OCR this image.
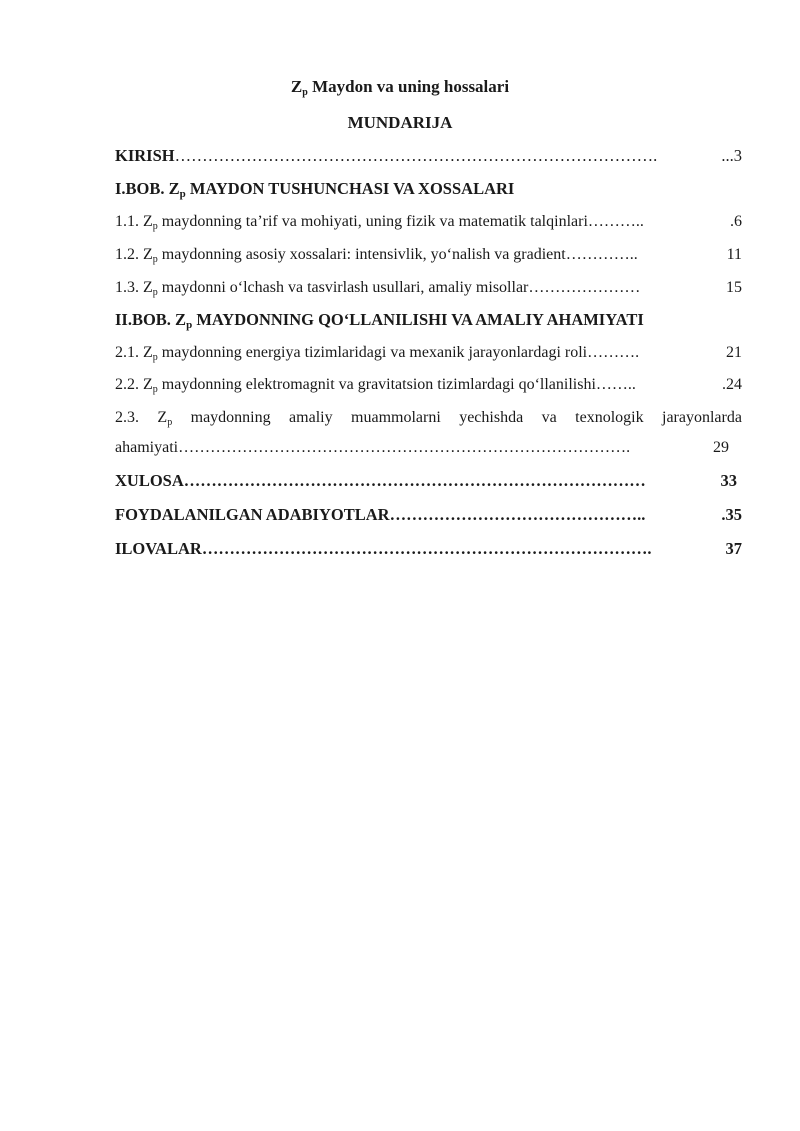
$Z_p$ Maydon va uning hossalari
MUNDARIJA
KIRISH …………………………………………………………………………….	...3
I.BOB. $Z_p$ MAYDON TUSHUNCHASI VA XOSSALARI
1.1. $Z_p$ maydonning ta’rif va mohiyati, uning fizik va matematik talqinlari ………..	.6
1.2. $Z_p$ maydonning asosiy xossalari: intensivlik, yo‘nalish va gradient …………..	11
1.3. $Z_p$ maydonni o‘lchash va tasvirlash usullari, amaliy misollar …………………	15
II.BOB. $Z_p$ MAYDONNING QO‘LLANILISHI VA AMALIY AHAMIYATI
2.1. $Z_p$ maydonning energiya tizimlaridagi va mexanik jarayonlardagi roli ……….	21
2.2. $Z_p$ maydonning elektromagnit va gravitatsion tizimlardagi qo‘llanilishi ……..	.24
2.3. $Z_p$ maydonning amaliy muammolarni yechishda va texnologik jarayonlarda
ahamiyati ………………………………………………………………………….	29
XULOSA …………………………………………………………………………	33
FOYDALANILGAN ADABIYOTLAR ………………………………………..	.35
ILOVALAR ……………………………………………………………………….	37
